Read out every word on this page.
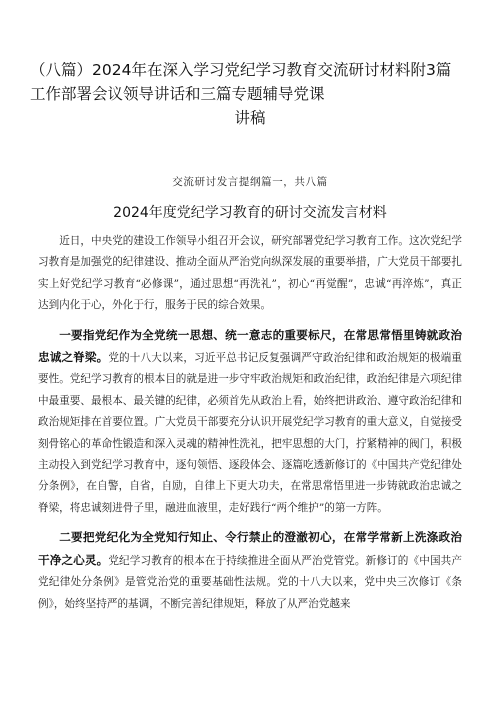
（八篇）2024年在深入学习党纪学习教育交流研讨材料附3篇
工作部署会议领导讲话和三篇专题辅导党课
讲稿
交流研讨发言提纲篇一，共八篇
2024年度党纪学习教育的研讨交流发言材料

近日，中央党的建设工作领导小组召开会议，研究部署党纪学习教育工作。这次党纪学习教育是加强党的纪律建设、推动全面从严治党向纵深发展的重要举措，广大党员干部要扎实上好党纪学习教育“必修课”，通过思想“再洗礼”，初心“再觉醒”，忠诚“再淬炼”，真正达到内化于心，外化于行，服务于民的综合效果。

一要指党纪作为全党统一思想、统一意志的重要标尺，在常思常悟里铸就政治忠诚之脊梁。党的十八大以来，习近平总书记反复强调严守政治纪律和政治规矩的极端重要性。党纪学习教育的根本目的就是进一步守牢政治规矩和政治纪律，政治纪律是六项纪律中最重要、最根本、最关键的纪律，必须首先从政治上看，始终把讲政治、遵守政治纪律和政治规矩排在首要位置。广大党员干部要充分认识开展党纪学习教育的重大意义，自觉接受刻骨铭心的革命性锻造和深入灵魂的精神性洗礼，把牢思想的大门，拧紧精神的阀门，积极主动投入到党纪学习教育中，逐句领悟、逐段体会、逐篇吃透新修订的《中国共产党纪律处分条例》，在自警，自省，自励，自律上下更大功夫，在常思常悟里进一步铸就政治忠诚之脊梁，将忠诚刻进骨子里，融进血液里，走好践行“两个维护”的第一方阵。

二要把党纪化为全党知行知止、令行禁止的澄澈初心，在常学常新上洗涤政治干净之心灵。党纪学习教育的根本在于持续推进全面从严治党管党。新修订的《中国共产党纪律处分条例》是管党治党的重要基础性法规。党的十八大以来，党中央三次修订《条例》，始终坚持严的基调，不断完善纪律规矩，释放了从严治党越来
